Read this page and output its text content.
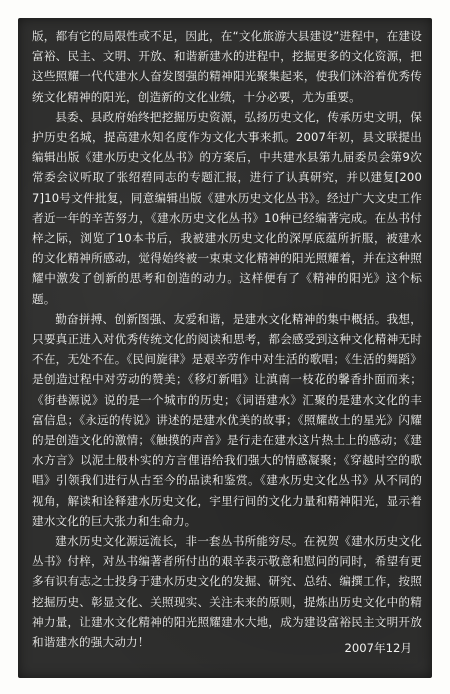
版，都有它的局限性或不足，因此，在“文化旅游大县建设”进程中，在建设富裕、民主、文明、开放、和谐新建水的进程中，挖掘更多的文化资源，把这些照耀一代代建水人奋发图强的精神阳光聚集起来，使我们沐浴着优秀传统文化精神的阳光，创造新的文化业绩，十分必要，尤为重要。

县委、县政府始终把挖掘历史资源，弘扬历史文化，传承历史文明，保护历史名城，提高建水知名度作为文化大事来抓。2007年初，县文联提出编辑出版《建水历史文化丛书》的方案后，中共建水县第九届委员会第9次常委会议听取了张绍碧同志的专题汇报，进行了认真研究，并以建复[2007]10号文件批复，同意编辑出版《建水历史文化丛书》。经过广大文史工作者近一年的辛苦努力，《建水历史文化丛书》10种已经编著完成。在丛书付梓之际，浏览了10本书后，我被建水历史文化的深厚底蕴所折服，被建水的文化精神所感动，觉得始终被一束束文化精神的阳光照耀着，并在这种照耀中激发了创新的思考和创造的动力。这样便有了《精神的阳光》这个标题。

勤奋拼搏、创新图强、友爱和谐，是建水文化精神的集中概括。我想，只要真正进入对优秀传统文化的阅读和思考，都会感受到这种文化精神无时不在，无处不在。《民间旋律》是艰辛劳作中对生活的歌唱；《生活的舞蹈》是创造过程中对劳动的赞美；《移灯新唱》让滇南一枝花的馨香扑面而来；《街巷源说》说的是一个城市的历史；《词语建水》汇聚的是建水文化的丰富信息；《永远的传说》讲述的是建水优美的故事；《照耀故土的星光》闪耀的是创造文化的激情；《触摸的声音》是行走在建水这片热土上的感动；《建水方言》以泥土般朴实的方言俚语给我们强大的情感凝聚；《穿越时空的歌唱》引领我们进行从古至今的品读和鉴赏。《建水历史文化丛书》从不同的视角，解读和诠释建水历史文化，宇里行间的文化力量和精神阳光，显示着建水文化的巨大张力和生命力。

建水历史文化源远流长，非一套丛书所能穷尽。在祝贺《建水历史文化丛书》付梓，对丛书编著者所付出的艰辛表示敬意和慰问的同时，希望有更多有识有志之士投身于建水历史文化的发掘、研究、总结、编撰工作，按照挖掘历史、彰显文化、关照现实、关注未来的原则，提炼出历史文化中的精神力量，让建水文化精神的阳光照耀建水大地，成为建设富裕民主文明开放和谐建水的强大动力！	2007年12月
